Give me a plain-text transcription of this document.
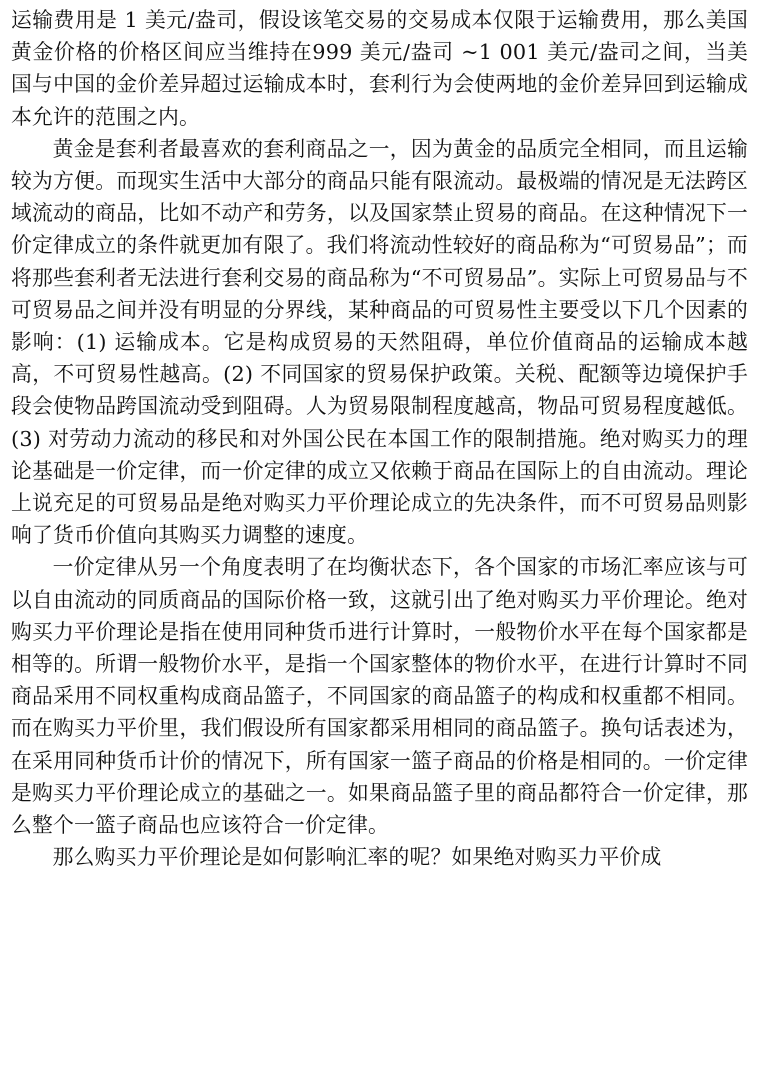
运输费用是 1 美元/盎司，假设该笔交易的交易成本仅限于运输费用，那么美国黄金价格的价格区间应当维持在999 美元/盎司 ~1 001 美元/盎司之间，当美国与中国的金价差异超过运输成本时，套利行为会使两地的金价差异回到运输成本允许的范围之内。

黄金是套利者最喜欢的套利商品之一，因为黄金的品质完全相同，而且运输较为方便。而现实生活中大部分的商品只能有限流动。最极端的情况是无法跨区域流动的商品，比如不动产和劳务，以及国家禁止贸易的商品。在这种情况下一价定律成立的条件就更加有限了。我们将流动性较好的商品称为“可贸易品”；而将那些套利者无法进行套利交易的商品称为“不可贸易品”。实际上可贸易品与不可贸易品之间并没有明显的分界线，某种商品的可贸易性主要受以下几个因素的影响：(1) 运输成本。它是构成贸易的天然阻碍，单位价值商品的运输成本越高，不可贸易性越高。(2) 不同国家的贸易保护政策。关税、配额等边境保护手段会使物品跨国流动受到阻碍。人为贸易限制程度越高，物品可贸易程度越低。(3) 对劳动力流动的移民和对外国公民在本国工作的限制措施。绝对购买力的理论基础是一价定律，而一价定律的成立又依赖于商品在国际上的自由流动。理论上说充足的可贸易品是绝对购买力平价理论成立的先决条件，而不可贸易品则影响了货币价值向其购买力调整的速度。

一价定律从另一个角度表明了在均衡状态下，各个国家的市场汇率应该与可以自由流动的同质商品的国际价格一致，这就引出了绝对购买力平价理论。绝对购买力平价理论是指在使用同种货币进行计算时，一般物价水平在每个国家都是相等的。所谓一般物价水平，是指一个国家整体的物价水平，在进行计算时不同商品采用不同权重构成商品篮子，不同国家的商品篮子的构成和权重都不相同。而在购买力平价里，我们假设所有国家都采用相同的商品篮子。换句话表述为，在采用同种货币计价的情况下，所有国家一篮子商品的价格是相同的。一价定律是购买力平价理论成立的基础之一。如果商品篮子里的商品都符合一价定律，那么整个一篮子商品也应该符合一价定律。

那么购买力平价理论是如何影响汇率的呢？如果绝对购买力平价成
